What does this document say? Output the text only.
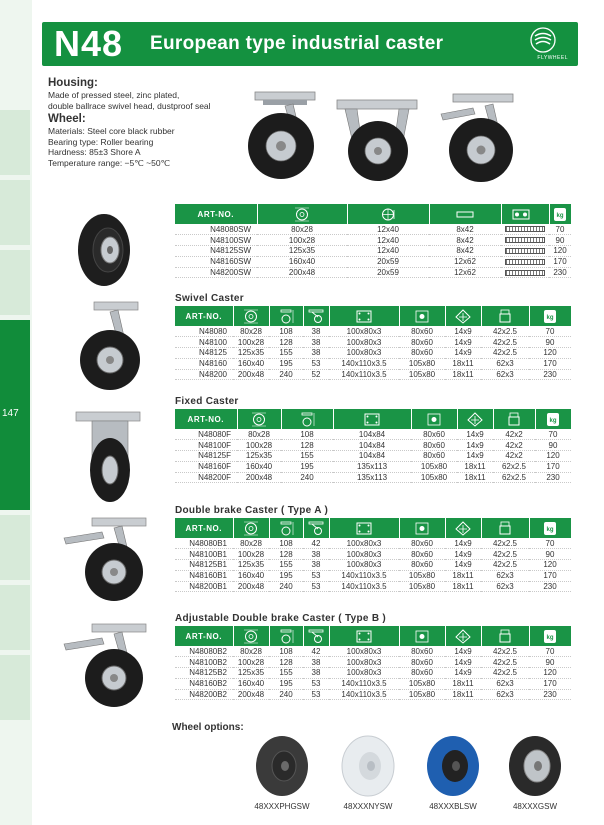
147
N48 European type industrial caster
FLYWHEEL
Housing:
Made of pressed steel, zinc plated,
double ballrace swivel head, dustproof seal
Wheel:
Materials: Steel core black rubber
Bearing type: Roller bearing
Hardness: 85±3 Shore A
Temperature range: −5℃ ~50℃
ART-NO.	

N48080SW	80x28	12x40	8x42		70
N48100SW	100x28	12x40	8x42		90
N48125SW	125x35	12x40	8x42		120
N48160SW	160x40	20x59	12x62		170
N48200SW	200x48	20x59	12x62		230
Swivel Caster
ART-NO.	

N48080	80x28	108	38	100x80x3	80x60	14x9	42x2.5	70
N48100	100x28	128	38	100x80x3	80x60	14x9	42x2.5	90
N48125	125x35	155	38	100x80x3	80x60	14x9	42x2.5	120
N48160	160x40	195	53	140x110x3.5	105x80	18x11	62x3	170
N48200	200x48	240	52	140x110x3.5	105x80	18x11	62x3	230
Fixed Caster
ART-NO.	

N48080F	80x28	108	104x84	80x60	14x9	42x2	70
N48100F	100x28	128	104x84	80x60	14x9	42x2	90
N48125F	125x35	155	104x84	80x60	14x9	42x2	120
N48160F	160x40	195	135x113	105x80	18x11	62x2.5	170
N48200F	200x48	240	135x113	105x80	18x11	62x2.5	230
Double brake Caster ( Type A )
ART-NO.	

N48080B1	80x28	108	42	100x80x3	80x60	14x9	42x2.5	70
N48100B1	100x28	128	38	100x80x3	80x60	14x9	42x2.5	90
N48125B1	125x35	155	38	100x80x3	80x60	14x9	42x2.5	120
N48160B1	160x40	195	53	140x110x3.5	105x80	18x11	62x3	170
N48200B1	200x48	240	53	140x110x3.5	105x80	18x11	62x3	230
Adjustable Double brake Caster ( Type B )
ART-NO.	

N48080B2	80x28	108	42	100x80x3	80x60	14x9	42x2.5	70
N48100B2	100x28	128	38	100x80x3	80x60	14x9	42x2.5	90
N48125B2	125x35	155	38	100x80x3	80x60	14x9	42x2.5	120
N48160B2	160x40	195	53	140x110x3.5	105x80	18x11	62x3	170
N48200B2	200x48	240	53	140x110x3.5	105x80	18x11	62x3	230
Wheel options:
48XXXPHGSW	48XXXNYSW	48XXXBLSW	48XXXGSW
